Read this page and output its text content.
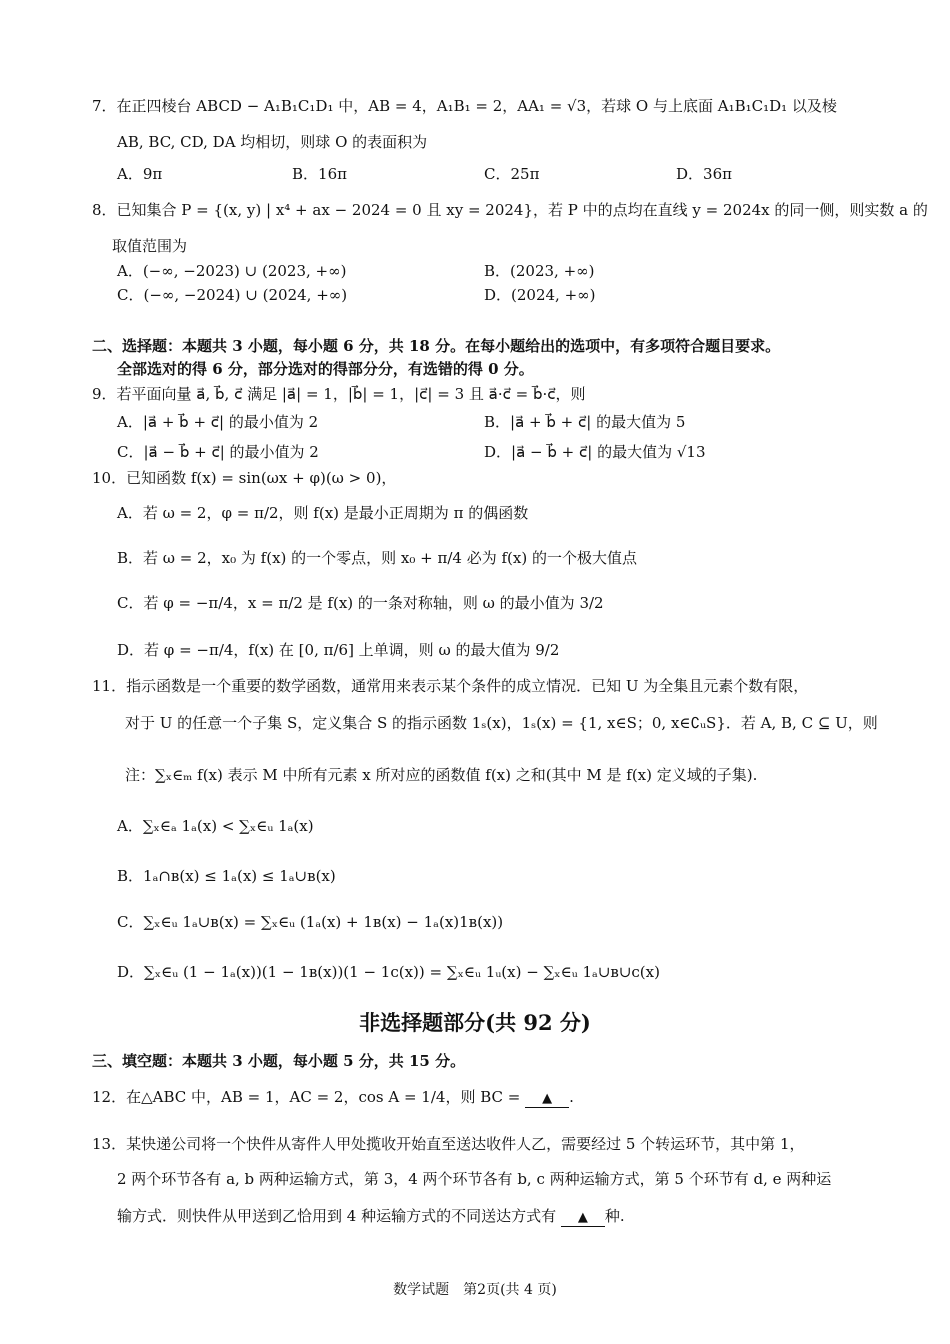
7．在正四棱台 ABCD − A₁B₁C₁D₁ 中，AB = 4，A₁B₁ = 2，AA₁ = √3，若球 O 与上底面 A₁B₁C₁D₁ 以及棱
AB, BC, CD, DA 均相切，则球 O 的表面积为
A．9π	B．16π	C．25π	D．36π
8．已知集合 P = {(x, y) | x⁴ + ax − 2024 = 0 且 xy = 2024}，若 P 中的点均在直线 y = 2024x 的同一侧，则实数 a 的
取值范围为
A．(−∞, −2023) ∪ (2023, +∞)	B．(2023, +∞)
C．(−∞, −2024) ∪ (2024, +∞)	D．(2024, +∞)
二、选择题：本题共 3 小题，每小题 6 分，共 18 分。在每小题给出的选项中，有多项符合题目要求。
全部选对的得 6 分，部分选对的得部分分，有选错的得 0 分。
9．若平面向量 a⃗, b⃗, c⃗ 满足 |a⃗| = 1，|b⃗| = 1，|c⃗| = 3 且 a⃗·c⃗ = b⃗·c⃗，则
A．|a⃗ + b⃗ + c⃗| 的最小值为 2	B．|a⃗ + b⃗ + c⃗| 的最大值为 5
C．|a⃗ − b⃗ + c⃗| 的最小值为 2	D．|a⃗ − b⃗ + c⃗| 的最大值为 √13
10．已知函数 f(x) = sin(ωx + φ)(ω > 0)，
A．若 ω = 2，φ = π/2，则 f(x) 是最小正周期为 π 的偶函数
B．若 ω = 2，x₀ 为 f(x) 的一个零点，则 x₀ + π/4 必为 f(x) 的一个极大值点
C．若 φ = −π/4，x = π/2 是 f(x) 的一条对称轴，则 ω 的最小值为 3/2
D．若 φ = −π/4，f(x) 在 [0, π/6] 上单调，则 ω 的最大值为 9/2
11．指示函数是一个重要的数学函数，通常用来表示某个条件的成立情况．已知 U 为全集且元素个数有限，
对于 U 的任意一个子集 S，定义集合 S 的指示函数 1ₛ(x)，1ₛ(x) = {1, x∈S；0, x∈∁ᵤS}．若 A, B, C ⊆ U，则
注：∑ₓ∈ₘ f(x) 表示 M 中所有元素 x 所对应的函数值 f(x) 之和(其中 M 是 f(x) 定义域的子集).
A．∑ₓ∈ₐ 1ₐ(x) < ∑ₓ∈ᵤ 1ₐ(x)
B．1ₐ∩ʙ(x) ≤ 1ₐ(x) ≤ 1ₐ∪ʙ(x)
C．∑ₓ∈ᵤ 1ₐ∪ʙ(x) = ∑ₓ∈ᵤ (1ₐ(x) + 1ʙ(x) − 1ₐ(x)1ʙ(x))
D．∑ₓ∈ᵤ (1 − 1ₐ(x))(1 − 1ʙ(x))(1 − 1ᴄ(x)) = ∑ₓ∈ᵤ 1ᵤ(x) − ∑ₓ∈ᵤ 1ₐ∪ʙ∪ᴄ(x)
非选择题部分(共 92 分)
三、填空题：本题共 3 小题，每小题 5 分，共 15 分。
12．在△ABC 中，AB = 1，AC = 2，cos A = 1/4，则 BC = ▲ .
13．某快递公司将一个快件从寄件人甲处揽收开始直至送达收件人乙，需要经过 5 个转运环节，其中第 1，
2 两个环节各有 a, b 两种运输方式，第 3，4 两个环节各有 b, c 两种运输方式，第 5 个环节有 d, e 两种运
输方式．则快件从甲送到乙恰用到 4 种运输方式的不同送达方式有 ▲ 种.
数学试题　第2页(共 4 页)
